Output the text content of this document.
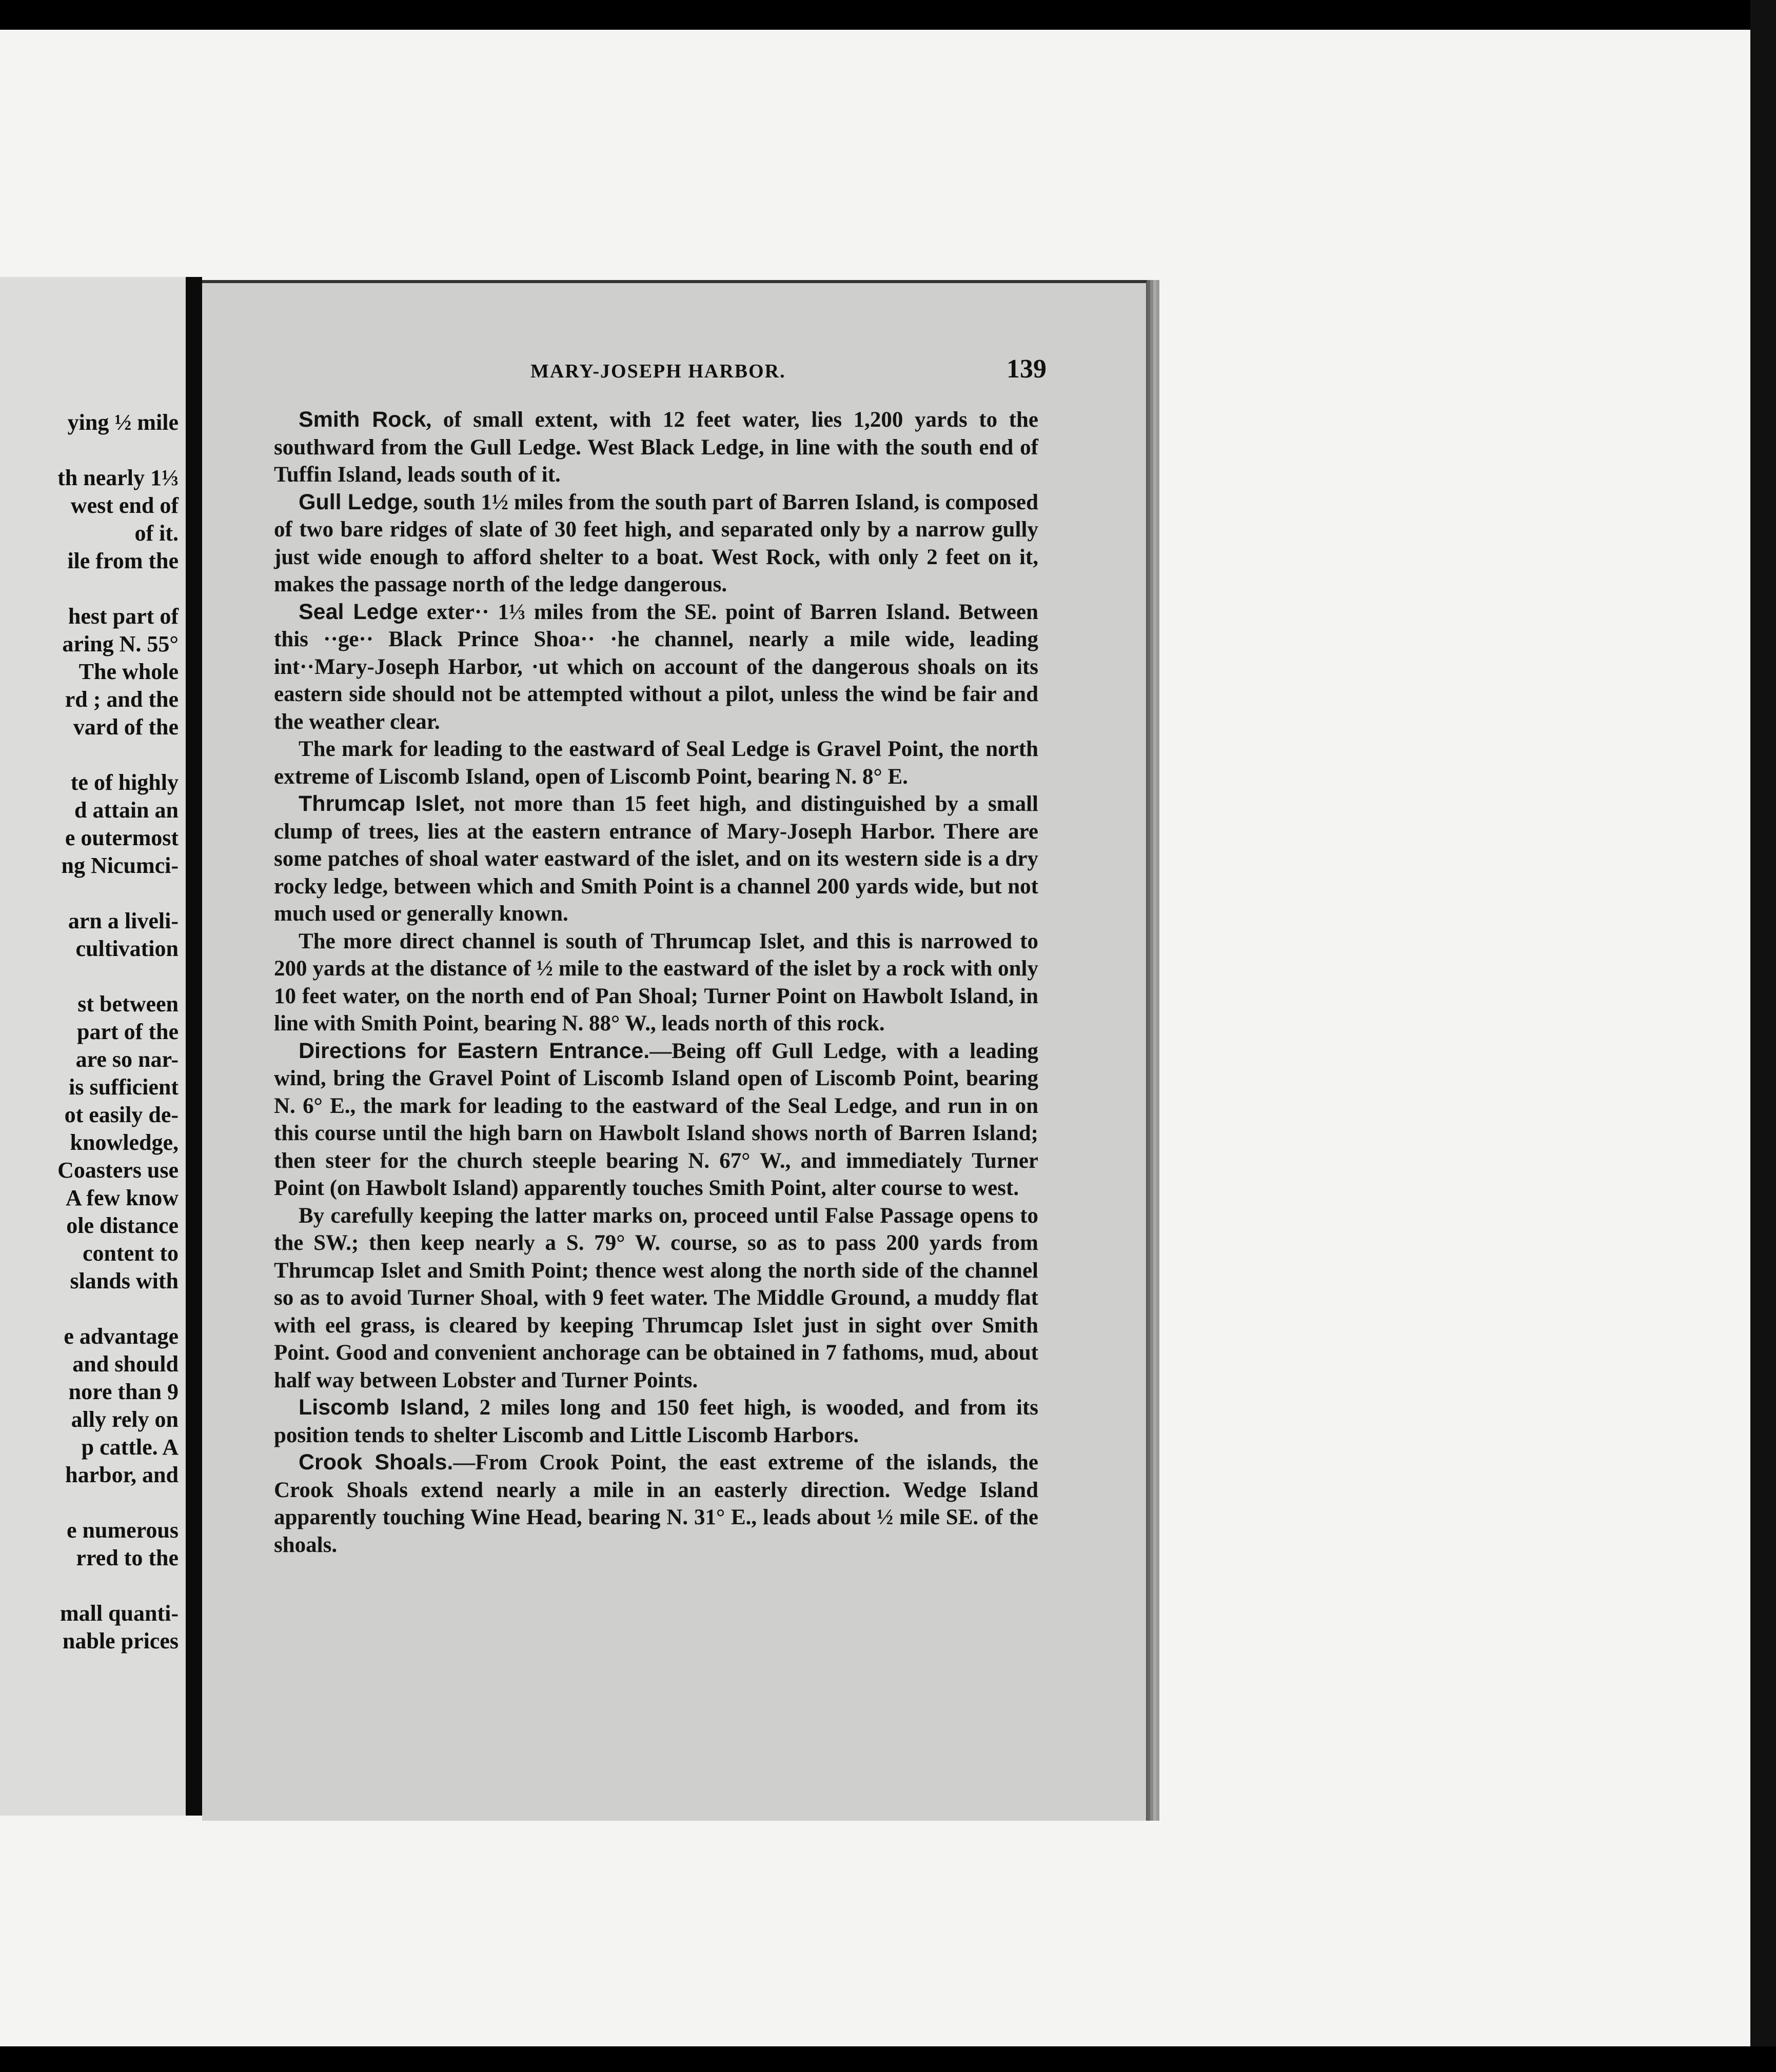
ying ½ mile
th nearly 1⅓
west end of
of it.
ile from the
hest part of
aring N. 55°
The whole
rd ; and the
vard of the
te of highly
d attain an
e outermost
ng Nicumci-
arn a liveli-
cultivation
st between
part of the
are so nar-
is sufficient
ot easily de-
knowledge,
Coasters use
A few know
ole distance
content to
slands with
e advantage
and should
nore than 9
ally rely on
p cattle. A
harbor, and
e numerous
rred to the
mall quanti-
nable prices
MARY-JOSEPH HARBOR.	139

Smith Rock, of small extent, with 12 feet water, lies 1,200 yards to the southward from the Gull Ledge. West Black Ledge, in line with the south end of Tuffin Island, leads south of it.

Gull Ledge, south 1½ miles from the south part of Barren Island, is composed of two bare ridges of slate of 30 feet high, and separated only by a narrow gully just wide enough to afford shelter to a boat. West Rock, with only 2 feet on it, makes the passage north of the ledge dangerous.

Seal Ledge exter·· 1⅓ miles from the SE. point of Barren Island. Between this ··ge·· Black Prince Shoa·· ·he channel, nearly a mile wide, leading int··Mary-Joseph Harbor, ·ut which on account of the dangerous shoals on its eastern side should not be attempted without a pilot, unless the wind be fair and the weather clear.

The mark for leading to the eastward of Seal Ledge is Gravel Point, the north extreme of Liscomb Island, open of Liscomb Point, bearing N. 8° E.

Thrumcap Islet, not more than 15 feet high, and distinguished by a small clump of trees, lies at the eastern entrance of Mary-Joseph Harbor. There are some patches of shoal water eastward of the islet, and on its western side is a dry rocky ledge, between which and Smith Point is a channel 200 yards wide, but not much used or generally known.

The more direct channel is south of Thrumcap Islet, and this is narrowed to 200 yards at the distance of ½ mile to the eastward of the islet by a rock with only 10 feet water, on the north end of Pan Shoal; Turner Point on Hawbolt Island, in line with Smith Point, bearing N. 88° W., leads north of this rock.

Directions for Eastern Entrance.—Being off Gull Ledge, with a leading wind, bring the Gravel Point of Liscomb Island open of Liscomb Point, bearing N. 6° E., the mark for leading to the eastward of the Seal Ledge, and run in on this course until the high barn on Hawbolt Island shows north of Barren Island; then steer for the church steeple bearing N. 67° W., and immediately Turner Point (on Hawbolt Island) apparently touches Smith Point, alter course to west.

By carefully keeping the latter marks on, proceed until False Passage opens to the SW.; then keep nearly a S. 79° W. course, so as to pass 200 yards from Thrumcap Islet and Smith Point; thence west along the north side of the channel so as to avoid Turner Shoal, with 9 feet water. The Middle Ground, a muddy flat with eel grass, is cleared by keeping Thrumcap Islet just in sight over Smith Point. Good and convenient anchorage can be obtained in 7 fathoms, mud, about half way between Lobster and Turner Points.

Liscomb Island, 2 miles long and 150 feet high, is wooded, and from its position tends to shelter Liscomb and Little Liscomb Harbors.

Crook Shoals.—From Crook Point, the east extreme of the islands, the Crook Shoals extend nearly a mile in an easterly direction. Wedge Island apparently touching Wine Head, bearing N. 31° E., leads about ½ mile SE. of the shoals.
